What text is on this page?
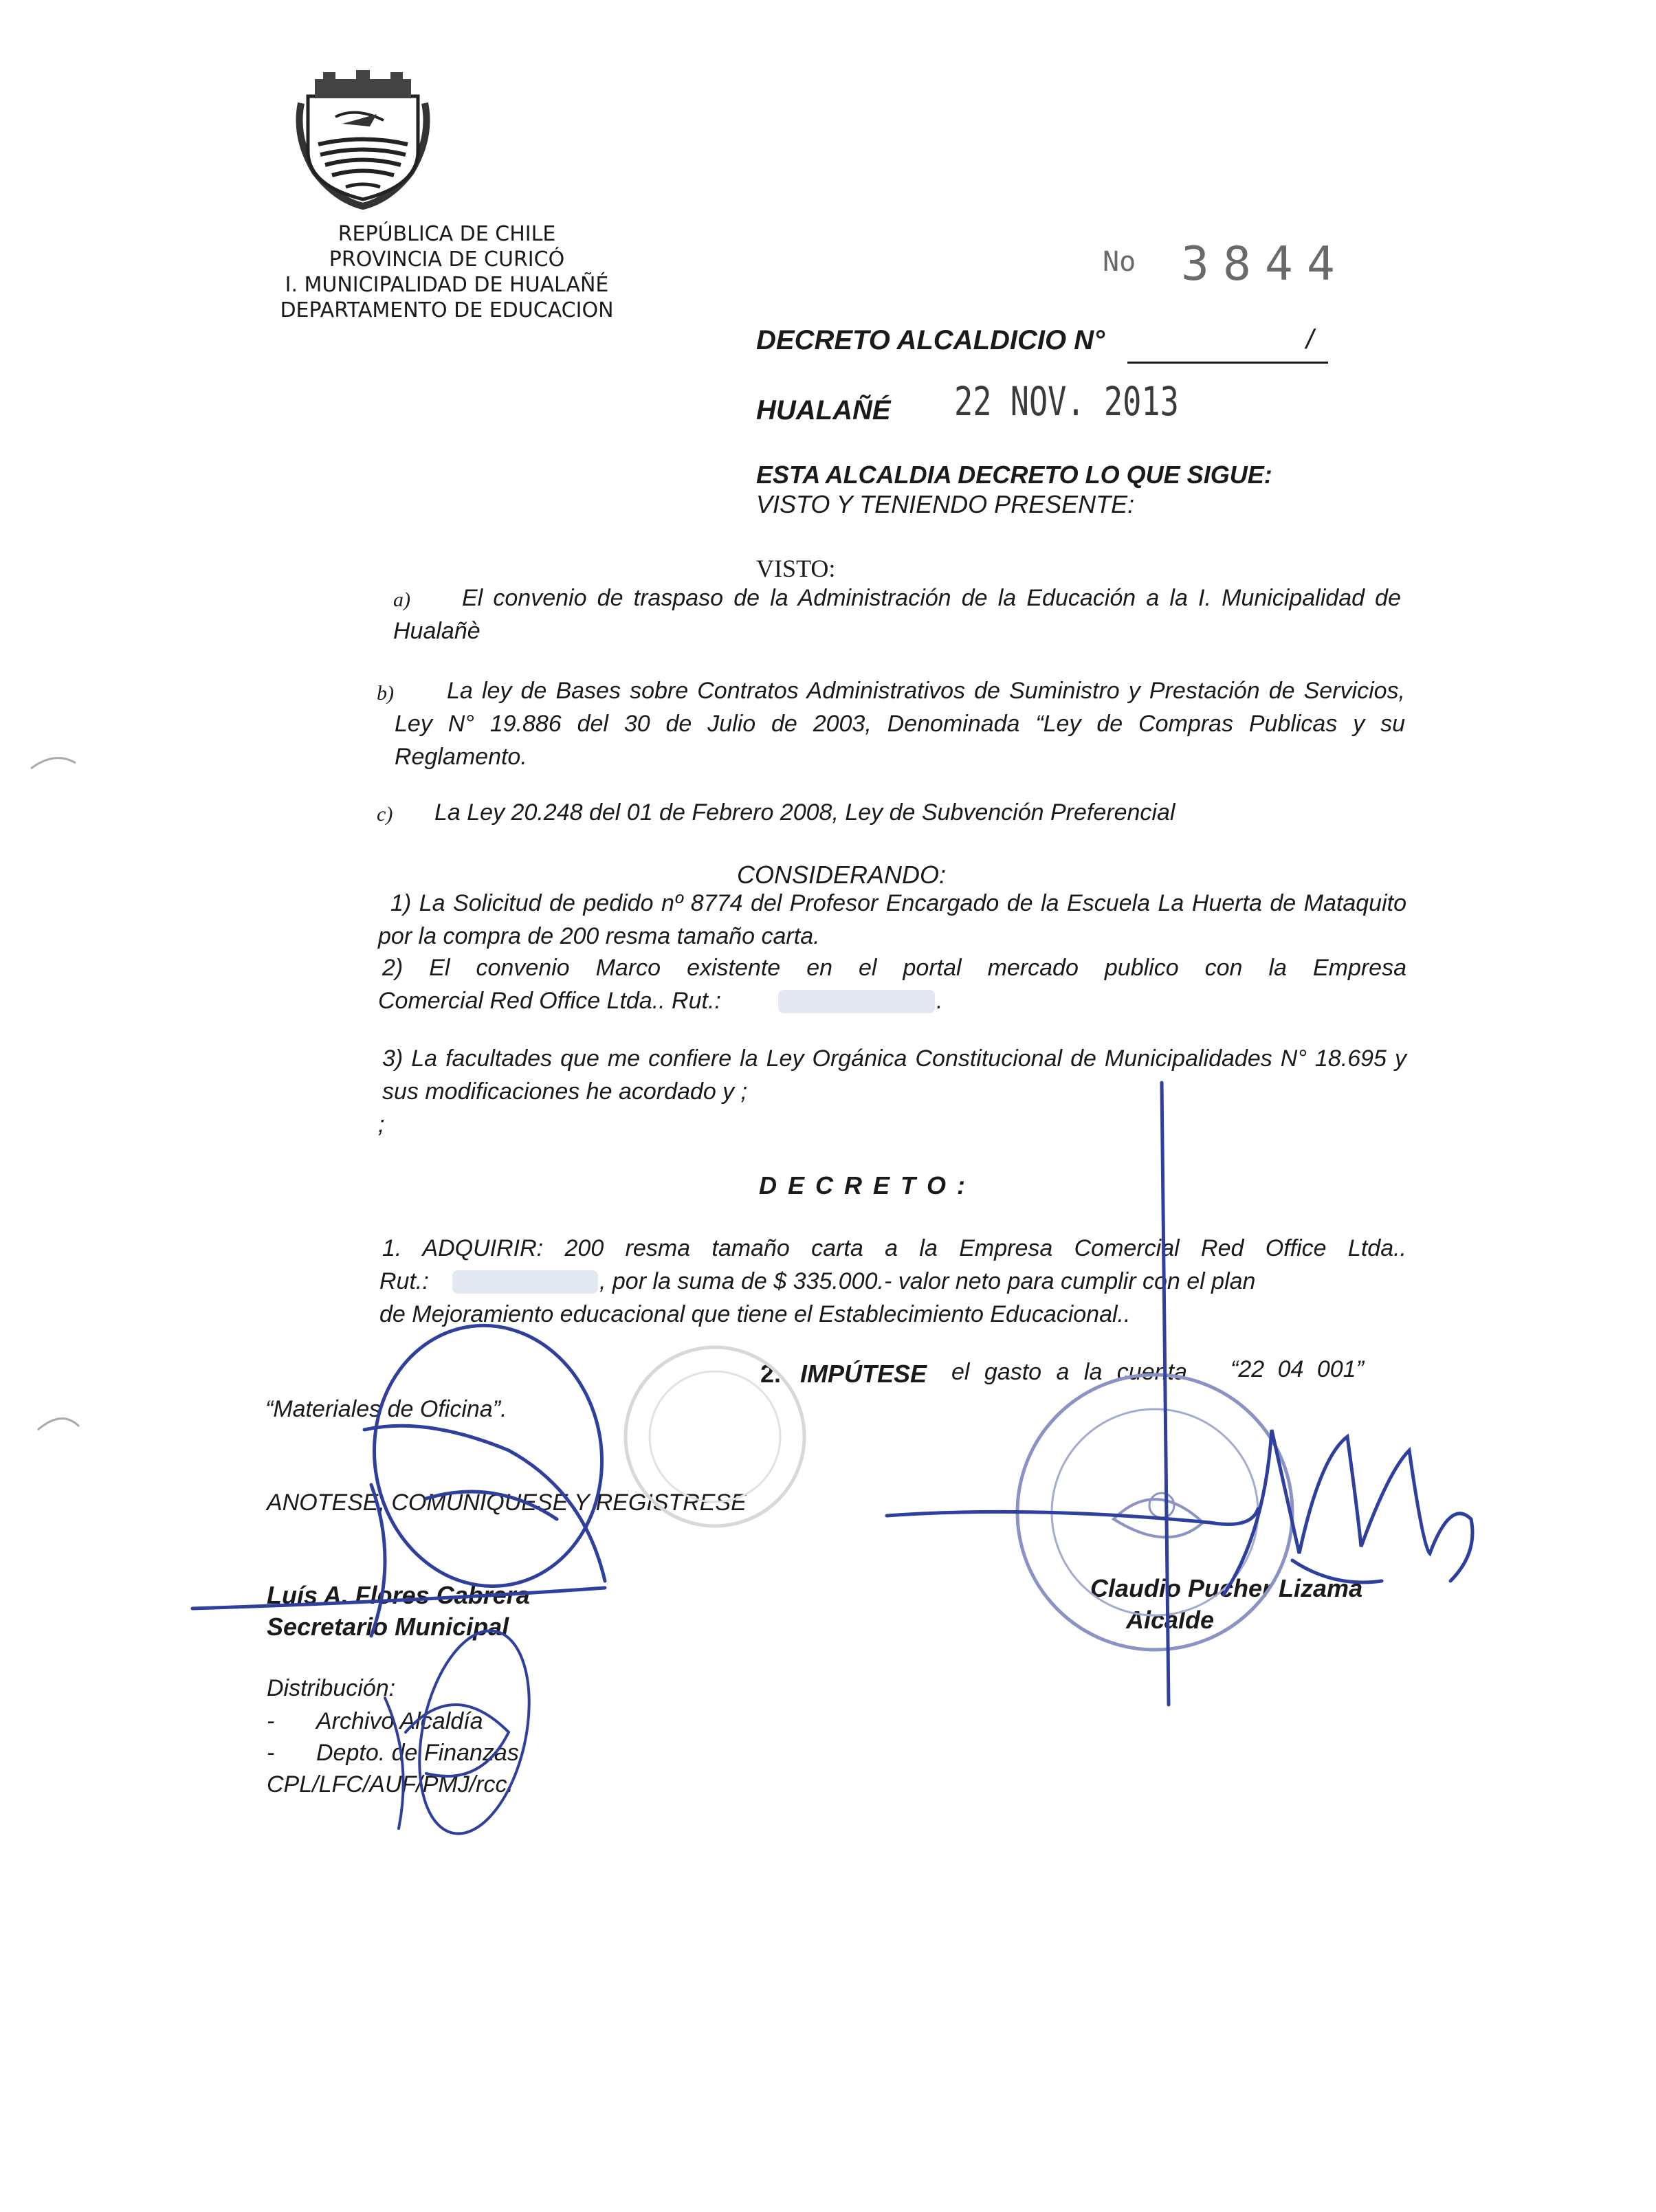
REPÚBLICA DE CHILE
PROVINCIA DE CURICÓ
I. MUNICIPALIDAD DE HUALAÑÉ
DEPARTAMENTO DE EDUCACION
No 3844
DECRETO ALCALDICIO N°	/
HUALAÑÉ 22 NOV. 2013
ESTA ALCALDIA DECRETO LO QUE SIGUE:
VISTO Y TENIENDO PRESENTE:
VISTO:
a)	El convenio de traspaso de la Administración de la Educación a la I. Municipalidad de Hualañè
b)	La ley de Bases sobre Contratos Administrativos de Suministro y Prestación de Servicios, Ley N° 19.886 del 30 de Julio de 2003, Denominada “Ley de Compras Publicas y su Reglamento.
c) La Ley 20.248 del 01 de Febrero 2008, Ley de Subvención Preferencial
CONSIDERANDO:
1) La Solicitud de pedido nº 8774 del Profesor Encargado de la Escuela La Huerta de Mataquito por la compra de 200 resma tamaño carta.
2) El convenio Marco existente en el portal mercado publico con la Empresa
Comercial Red Office Ltda.. Rut.:	.
3) La facultades que me confiere la Ley Orgánica Constitucional de Municipalidades N° 18.695 y sus modificaciones he acordado y ;
;
D E C R E T O :
1. ADQUIRIR: 200 resma tamaño carta a la Empresa Comercial Red Office Ltda..
Rut.:	, por la suma de $ 335.000.- valor neto para cumplir con el plan
de Mejoramiento educacional que tiene el Establecimiento Educacional..
2. IMPÚTESE el gasto a la cuenta “22 04 001”
“Materiales de Oficina”.
ANOTESE, COMUNIQUESE Y REGISTRESE
Luís A. Flores Cabrera
Secretario Municipal
Claudio Pucher Lizama
Alcalde
Distribución:
- Archivo Alcaldía
- Depto. de Finanzas
CPL/LFC/AUF/PMJ/rcc.
